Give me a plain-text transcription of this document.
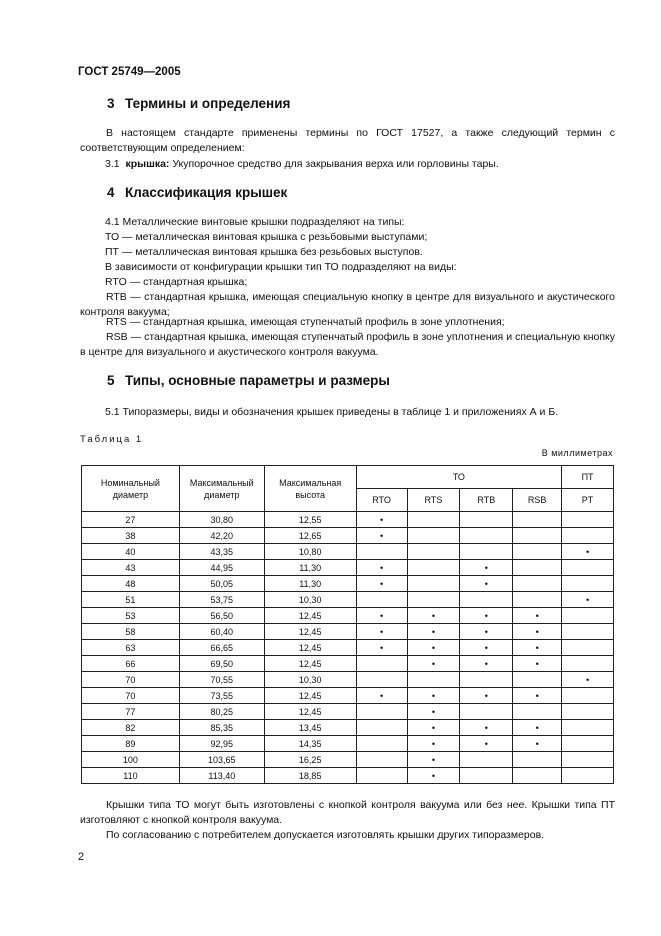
ГОСТ 25749—2005
3 Термины и определения
В настоящем стандарте применены термины по ГОСТ 17527, а также следующий термин с соответствующим определением:
3.1 крышка: Укупорочное средство для закрывания верха или горловины тары.
4 Классификация крышек
4.1 Металлические винтовые крышки подразделяют на типы:
ТО — металлическая винтовая крышка с резьбовыми выступами;
ПТ — металлическая винтовая крышка без резьбовых выступов.
В зависимости от конфигурации крышки тип ТО подразделяют на виды:
RTO — стандартная крышка;
RTB — стандартная крышка, имеющая специальную кнопку в центре для визуального и акустического контроля вакуума;
RTS — стандартная крышка, имеющая ступенчатый профиль в зоне уплотнения;
RSB — стандартная крышка, имеющая ступенчатый профиль в зоне уплотнения и специальную кнопку в центре для визуального и акустического контроля вакуума.
5 Типы, основные параметры и размеры
5.1 Типоразмеры, виды и обозначения крышек приведены в таблице 1 и приложениях А и Б.
Таблица 1
В миллиметрах
Номинальный диаметр	Максимальный диаметр	Максимальная высота	ТО				ПТ
			RTO	RTS	RTB	RSB	PT
27	30,80	12,55	•				
38	42,20	12,65	•				
40	43,35	10,80					•
43	44,95	11,30	•		•		
48	50,05	11,30	•		•		
51	53,75	10,30					•
53	56,50	12,45	•	•	•	•	
58	60,40	12,45	•	•	•	•	
63	66,65	12,45	•	•	•	•	
66	69,50	12,45		•	•	•	
70	70,55	10,30					•
70	73,55	12,45	•	•	•	•	
77	80,25	12,45		•			
82	85,35	13,45		•	•	•	
89	92,95	14,35		•	•	•	
100	103,65	16,25		•			
110	113,40	18,85		•			
Крышки типа ТО могут быть изготовлены с кнопкой контроля вакуума или без нее. Крышки типа ПТ изготовляют с кнопкой контроля вакуума.
По согласованию с потребителем допускается изготовлять крышки других типоразмеров.
2
